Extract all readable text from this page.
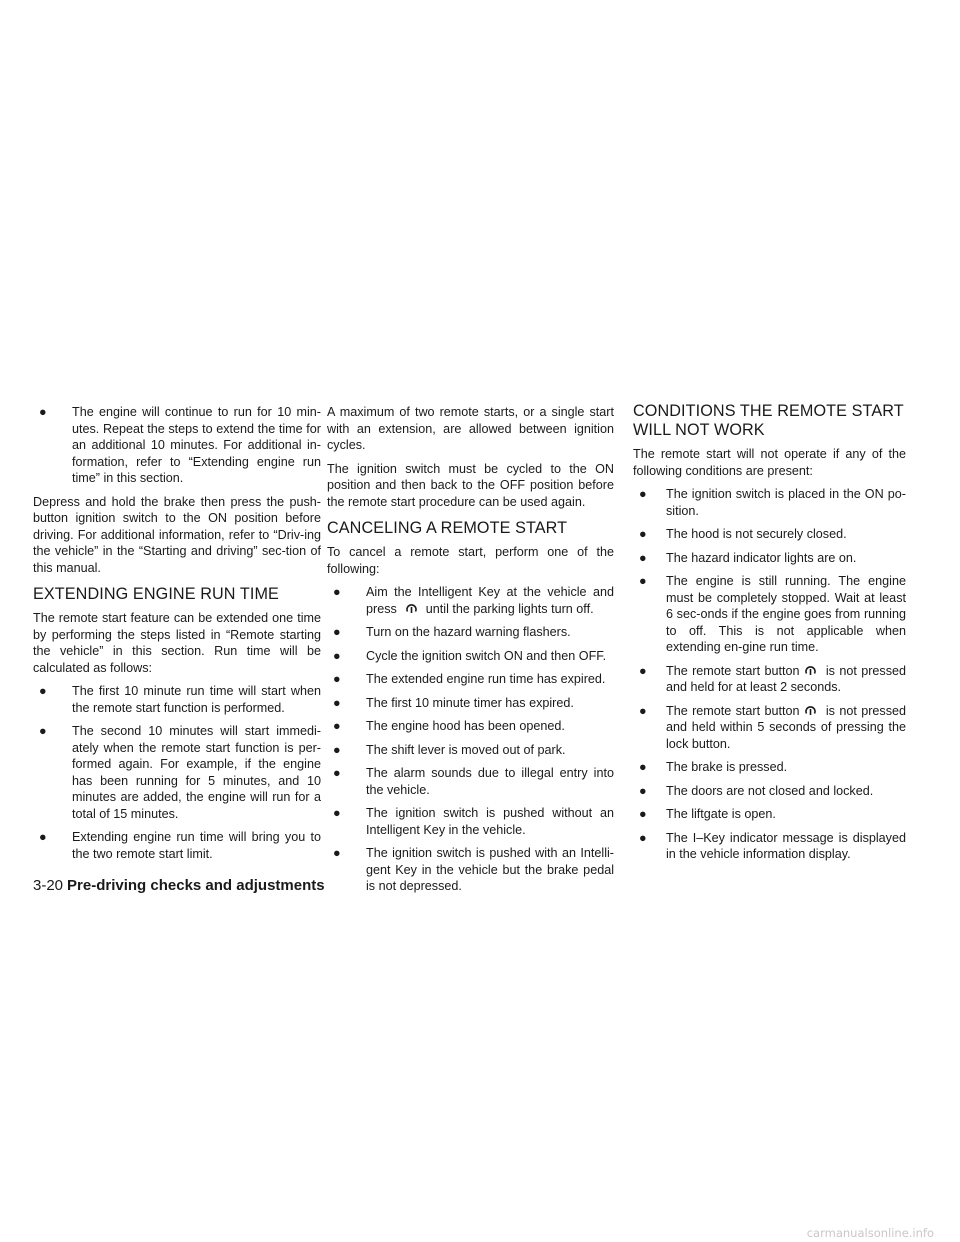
● The engine will continue to run for 10 min-utes. Repeat the steps to extend the time for an additional 10 minutes. For additional in-formation, refer to “Extending engine run time” in this section.

Depress and hold the brake then press the push-button ignition switch to the ON position before driving. For additional information, refer to “Driv-ing the vehicle” in the “Starting and driving” sec-tion of this manual.

EXTENDING ENGINE RUN TIME

The remote start feature can be extended one time by performing the steps listed in “Remote starting the vehicle” in this section. Run time will be calculated as follows:

● The first 10 minute run time will start when the remote start function is performed.
● The second 10 minutes will start immedi-ately when the remote start function is per-formed again. For example, if the engine has been running for 5 minutes, and 10 minutes are added, the engine will run for a total of 15 minutes.
● Extending engine run time will bring you to the two remote start limit.

A maximum of two remote starts, or a single start with an extension, are allowed between ignition cycles.

The ignition switch must be cycled to the ON position and then back to the OFF position before the remote start procedure can be used again.

CANCELING A REMOTE START

To cancel a remote start, perform one of the following:

● Aim the Intelligent Key at the vehicle and press until the parking lights turn off.
● Turn on the hazard warning flashers.
● Cycle the ignition switch ON and then OFF.
● The extended engine run time has expired.
● The first 10 minute timer has expired.
● The engine hood has been opened.
● The shift lever is moved out of park.
● The alarm sounds due to illegal entry into the vehicle.
● The ignition switch is pushed without an Intelligent Key in the vehicle.
● The ignition switch is pushed with an Intelli-gent Key in the vehicle but the brake pedal is not depressed.
CONDITIONS THE REMOTE START WILL NOT WORK

The remote start will not operate if any of the following conditions are present:

● The ignition switch is placed in the ON po-sition.
● The hood is not securely closed.
● The hazard indicator lights are on.
● The engine is still running. The engine must be completely stopped. Wait at least 6 sec-onds if the engine goes from running to off. This is not applicable when extending en-gine run time.
● The remote start button is not pressed and held for at least 2 seconds.
● The remote start button is not pressed and held within 5 seconds of pressing the lock button.
● The brake is pressed.
● The doors are not closed and locked.
● The liftgate is open.
● The I–Key indicator message is displayed in the vehicle information display.
3-20 Pre-driving checks and adjustments
carmanualsonline.info
